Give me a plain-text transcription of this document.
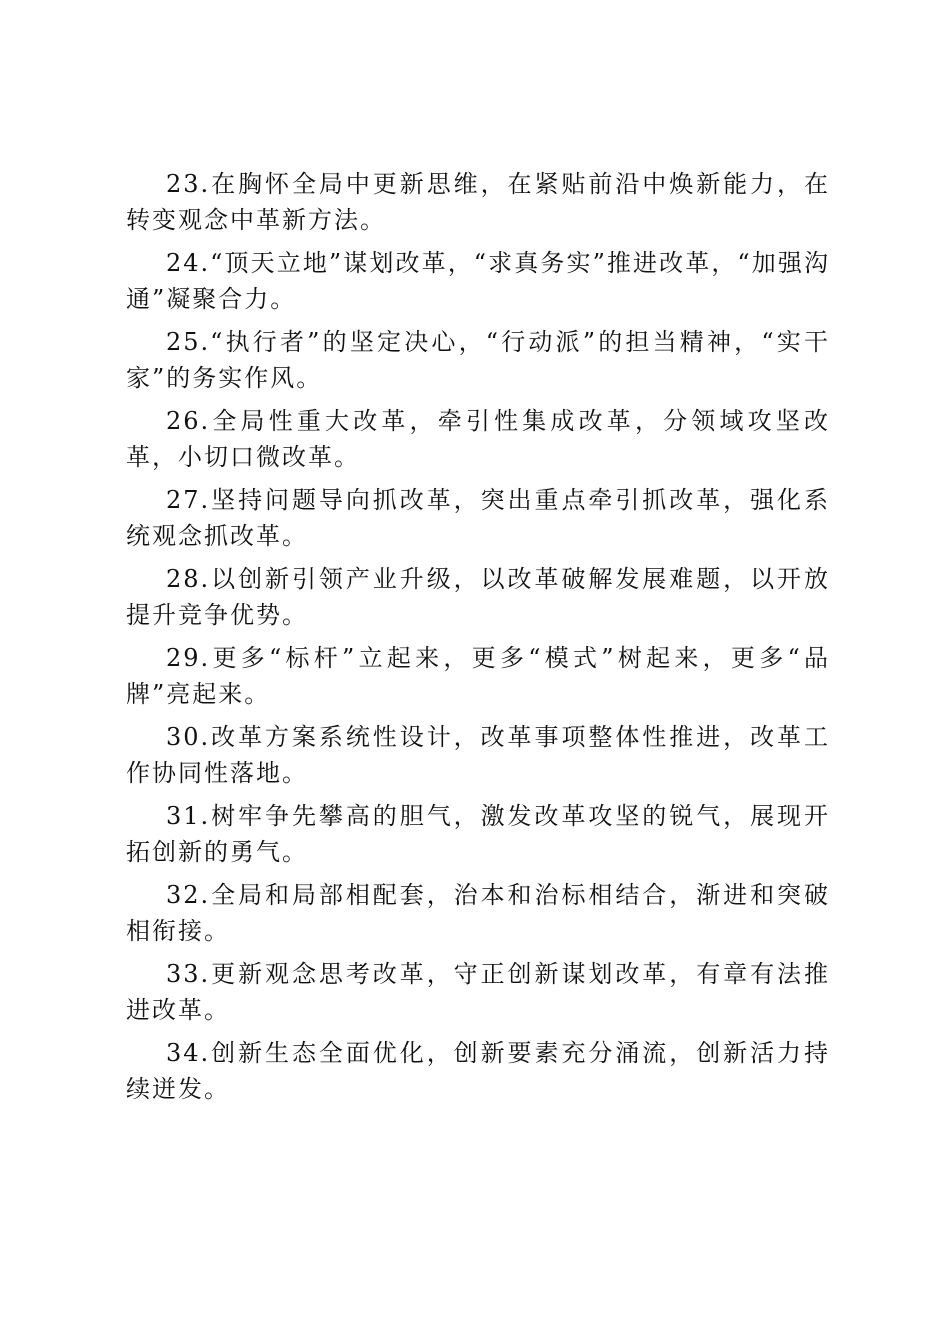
23.在胸怀全局中更新思维，在紧贴前沿中焕新能力，在转变观念中革新方法。

24.“顶天立地”谋划改革，“求真务实”推进改革，“加强沟通”凝聚合力。

25.“执行者”的坚定决心，“行动派”的担当精神，“实干家”的务实作风。

26.全局性重大改革，牵引性集成改革，分领域攻坚改革，小切口微改革。

27.坚持问题导向抓改革，突出重点牵引抓改革，强化系统观念抓改革。

28.以创新引领产业升级，以改革破解发展难题，以开放提升竞争优势。

29.更多“标杆”立起来，更多“模式”树起来，更多“品牌”亮起来。

30.改革方案系统性设计，改革事项整体性推进，改革工作协同性落地。

31.树牢争先攀高的胆气，激发改革攻坚的锐气，展现开拓创新的勇气。

32.全局和局部相配套，治本和治标相结合，渐进和突破相衔接。

33.更新观念思考改革，守正创新谋划改革，有章有法推进改革。

34.创新生态全面优化，创新要素充分涌流，创新活力持续迸发。
